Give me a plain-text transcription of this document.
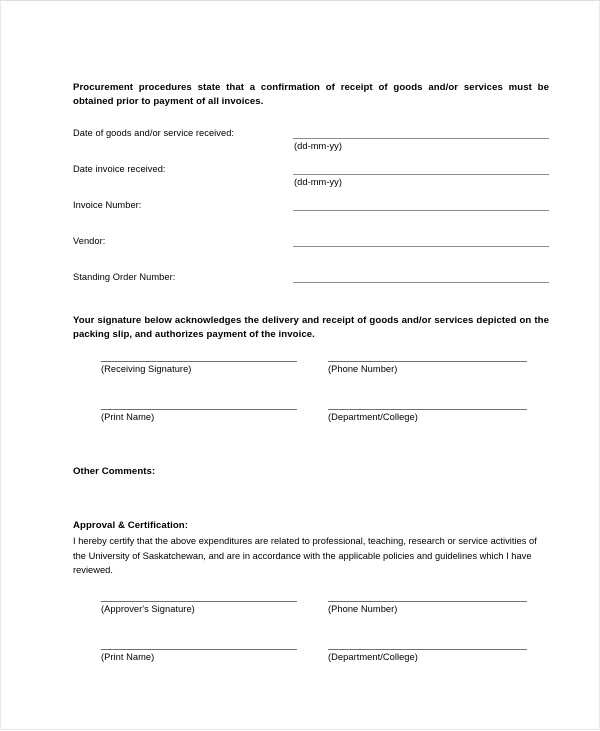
Procurement procedures state that a confirmation of receipt of goods and/or services must be obtained prior to payment of all invoices.

Date of goods and/or service received:
(dd-mm-yy)
Date invoice received:
(dd-mm-yy)
Invoice Number:
Vendor:
Standing Order Number:

Your signature below acknowledges the delivery and receipt of goods and/or services depicted on the packing slip, and authorizes payment of the invoice.

(Receiving Signature)	(Phone Number)
(Print Name)	(Department/College)
Other Comments:
Approval & Certification:

I hereby certify that the above expenditures are related to professional, teaching, research or service activities of the University of Saskatchewan, and are in accordance with the applicable policies and guidelines which I have reviewed.

(Approver's Signature)	(Phone Number)
(Print Name)	(Department/College)
